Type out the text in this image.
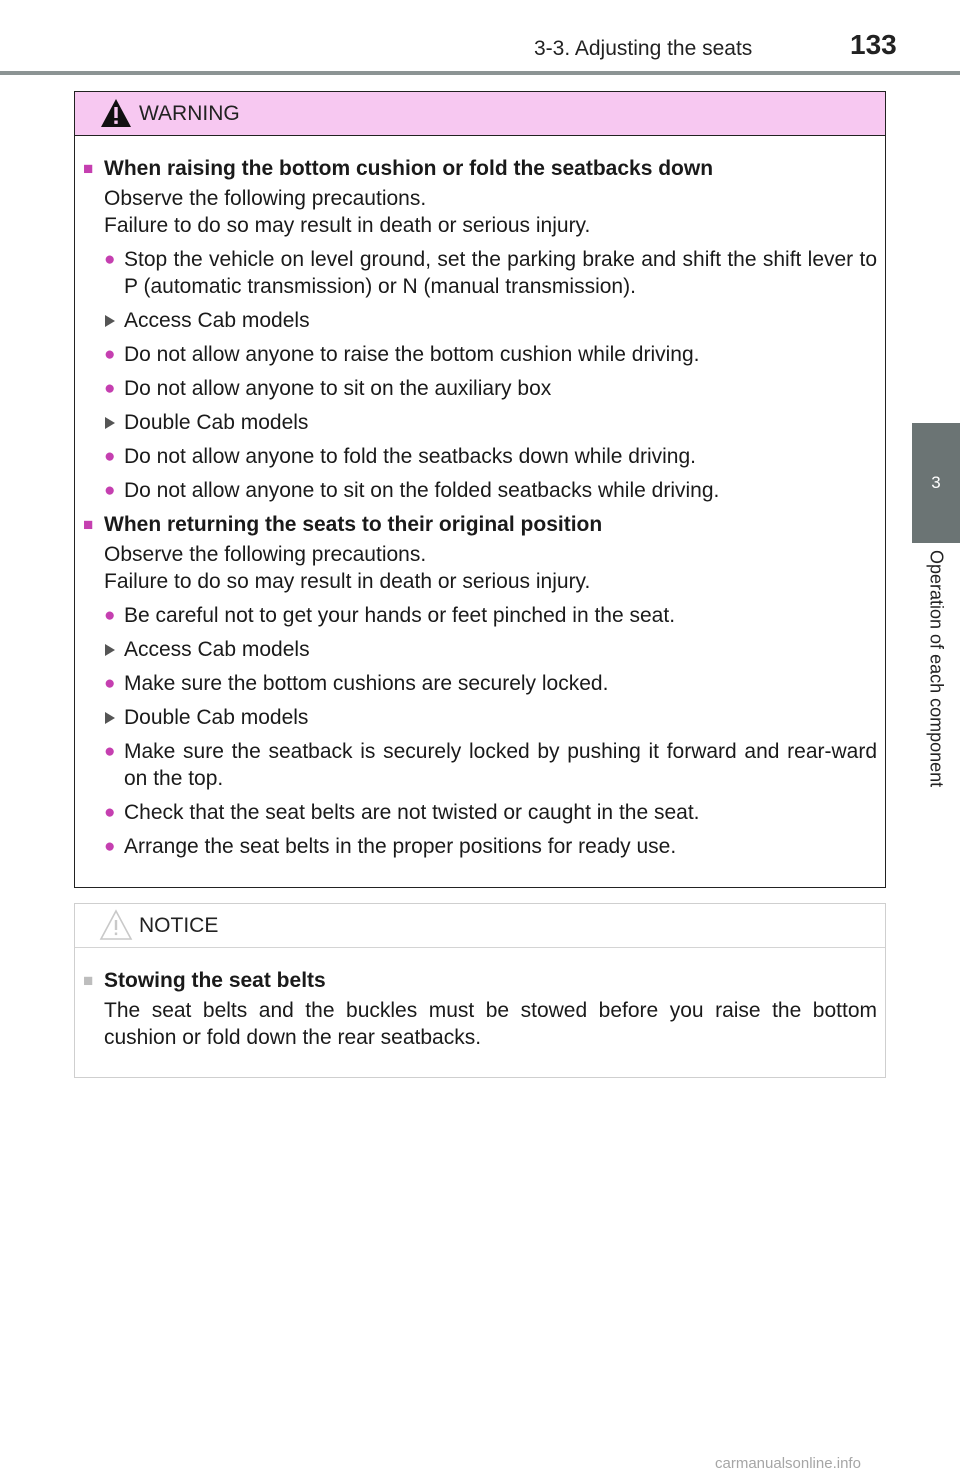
3-3. Adjusting the seats	133
3
Operation of each component
WARNING
■ When raising the bottom cushion or fold the seatbacks down
Observe the following precautions.
Failure to do so may result in death or serious injury.
● Stop the vehicle on level ground, set the parking brake and shift the shift lever to P (automatic transmission) or N (manual transmission).
Access Cab models
● Do not allow anyone to raise the bottom cushion while driving.
● Do not allow anyone to sit on the auxiliary box
Double Cab models
● Do not allow anyone to fold the seatbacks down while driving.
● Do not allow anyone to sit on the folded seatbacks while driving.
■ When returning the seats to their original position
Observe the following precautions.
Failure to do so may result in death or serious injury.
● Be careful not to get your hands or feet pinched in the seat.
Access Cab models
● Make sure the bottom cushions are securely locked.
Double Cab models
● Make sure the seatback is securely locked by pushing it forward and rear-ward on the top.
● Check that the seat belts are not twisted or caught in the seat.
● Arrange the seat belts in the proper positions for ready use.
NOTICE
■ Stowing the seat belts
The seat belts and the buckles must be stowed before you raise the bottom cushion or fold down the rear seatbacks.
carmanualsonline.info
